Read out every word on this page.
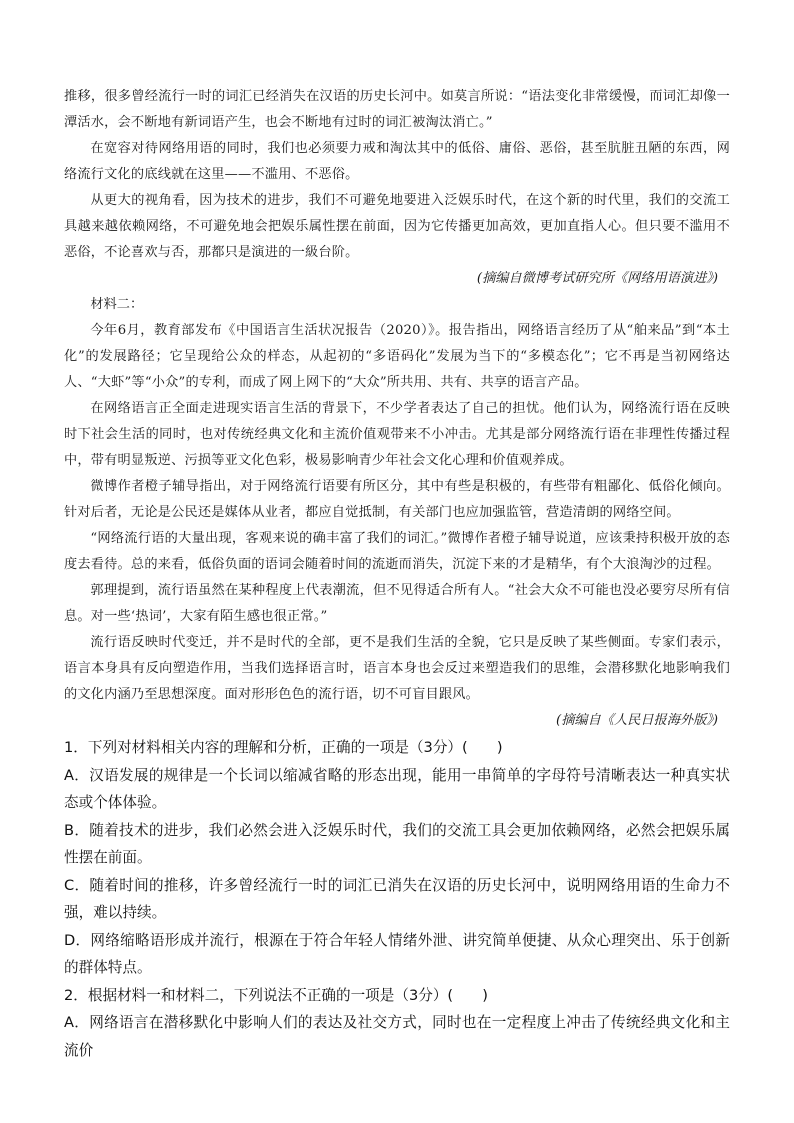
推移，很多曾经流行一时的词汇已经消失在汉语的历史长河中。如莫言所说：“语法变化非常缓慢，而词汇却像一潭活水，会不断地有新词语产生，也会不断地有过时的词汇被淘汰消亡。”

在宽容对待网络用语的同时，我们也必须要力戒和淘汰其中的低俗、庸俗、恶俗，甚至肮脏丑陋的东西，网络流行文化的底线就在这里——不滥用、不恶俗。

从更大的视角看，因为技术的进步，我们不可避免地要进入泛娱乐时代，在这个新的时代里，我们的交流工具越来越依赖网络，不可避免地会把娱乐属性摆在前面，因为它传播更加高效，更加直指人心。但只要不滥用不恶俗，不论喜欢与否，那都只是演进的一級台阶。

(摘编自微博考试研究所《网络用语演进》)

材料二：

今年6月，教育部发布《中国语言生活状况报告（2020）》。报告指出，网络语言经历了从“舶来品”到“本土化”的发展路径；它呈现给公众的样态，从起初的“多语码化”发展为当下的“多模态化”；它不再是当初网络达人、“大虾”等“小众”的专利，而成了网上网下的“大众”所共用、共有、共享的语言产品。

在网络语言正全面走进现实语言生活的背景下，不少学者表达了自己的担忧。他们认为，网络流行语在反映时下社会生活的同时，也对传统经典文化和主流价值观带来不小冲击。尤其是部分网络流行语在非理性传播过程中，带有明显叛逆、污损等亚文化色彩，极易影响青少年社会文化心理和价值观养成。

微博作者橙子辅导指出，对于网络流行语要有所区分，其中有些是积极的，有些带有粗鄙化、低俗化倾向。针对后者，无论是公民还是媒体从业者，都应自觉抵制，有关部门也应加强监管，营造清朗的网络空间。

“网络流行语的大量出现，客观来说的确丰富了我们的词汇。”微博作者橙子辅导说道，应该秉持积极开放的态度去看待。总的来看，低俗负面的语词会随着时间的流逝而消失，沉淀下来的才是精华，有个大浪淘沙的过程。

郭理提到，流行语虽然在某种程度上代表潮流，但不见得适合所有人。“社会大众不可能也没必要穷尽所有信息。对一些‘热词’，大家有陌生感也很正常。”

流行语反映时代变迁，并不是时代的全部，更不是我们生活的全貌，它只是反映了某些侧面。专家们表示，语言本身具有反向塑造作用，当我们选择语言时，语言本身也会反过来塑造我们的思维，会潜移默化地影响我们的文化内涵乃至思想深度。面对形形色色的流行语，切不可盲目跟风。

(摘编自《人民日报海外版》)

1．下列对材料相关内容的理解和分析，正确的一项是（3分）(　　)

A．汉语发展的规律是一个长词以缩减省略的形态出现，能用一串简单的字母符号清晰表达一种真实状态或个体体验。

B．随着技术的进步，我们必然会进入泛娱乐时代，我们的交流工具会更加依赖网络，必然会把娱乐属性摆在前面。

C．随着时间的推移，许多曾经流行一时的词汇已消失在汉语的历史长河中，说明网络用语的生命力不强，难以持续。

D．网络缩略语形成并流行，根源在于符合年轻人情绪外泄、讲究简单便捷、从众心理突出、乐于创新的群体特点。

2．根据材料一和材料二，下列说法不正确的一项是（3分）(　　)

A．网络语言在潜移默化中影响人们的表达及社交方式，同时也在一定程度上冲击了传统经典文化和主流价
